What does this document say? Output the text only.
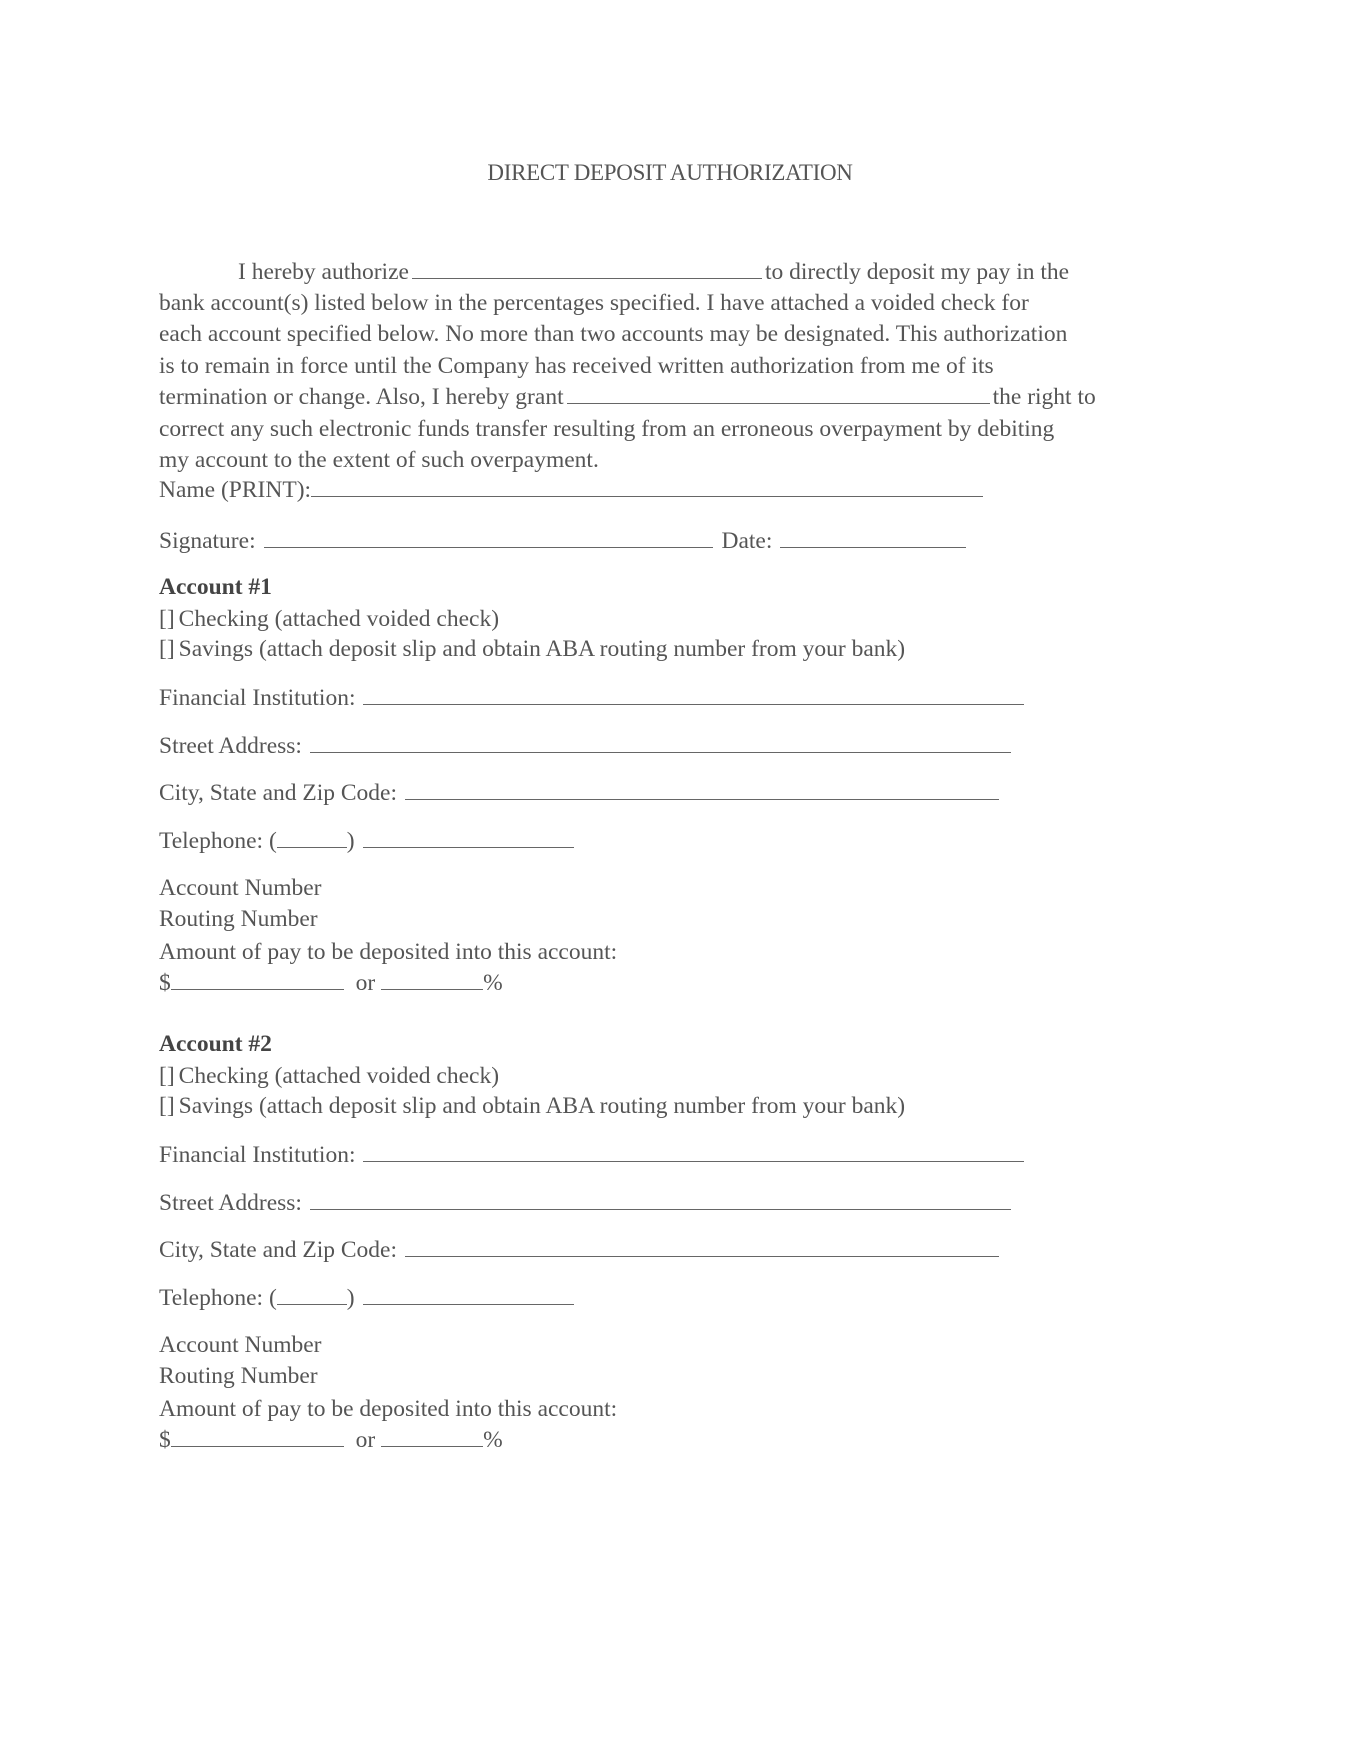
DIRECT DEPOSIT AUTHORIZATION
I hereby authorize	to directly deposit my pay in the
bank account(s) listed below in the percentages specified. I have attached a voided check for
each account specified below. No more than two accounts may be designated. This authorization
is to remain in force until the Company has received written authorization from me of its
termination or change. Also, I hereby grant	the right to
correct any such electronic funds transfer resulting from an erroneous overpayment by debiting
my account to the extent of such overpayment.
Name (PRINT):
Signature:	Date:
Account #1
[] Checking (attached voided check)
[] Savings (attach deposit slip and obtain ABA routing number from your bank)
Financial Institution:
Street Address:
City, State and Zip Code:
Telephone: (	)
Account Number
Routing Number
Amount of pay to be deposited into this account:
$	or	%
Account #2
[] Checking (attached voided check)
[] Savings (attach deposit slip and obtain ABA routing number from your bank)
Financial Institution:
Street Address:
City, State and Zip Code:
Telephone: (	)
Account Number
Routing Number
Amount of pay to be deposited into this account:
$	or	%
